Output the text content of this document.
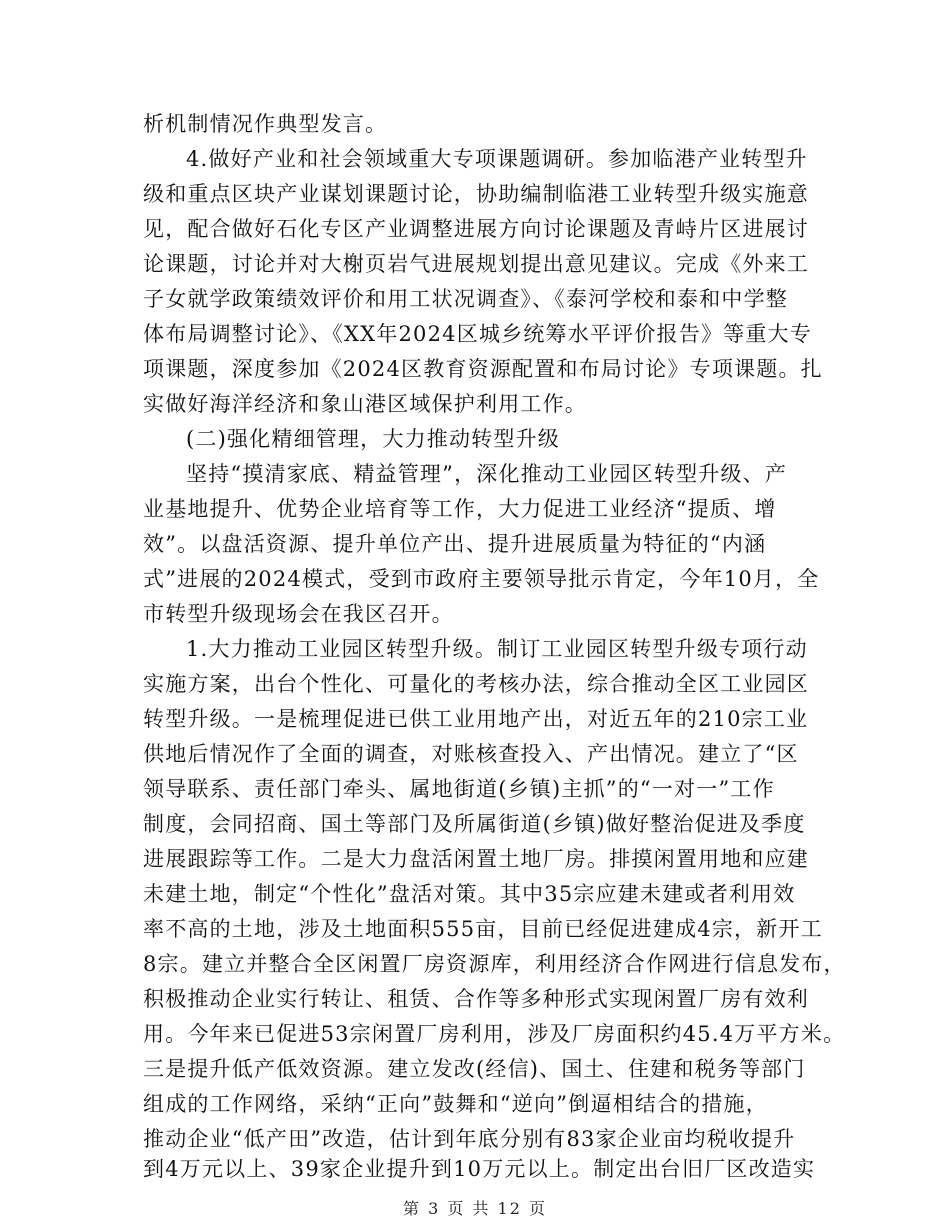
析机制情况作典型发言。
4.做好产业和社会领域重大专项课题调研。参加临港产业转型升
级和重点区块产业谋划课题讨论，协助编制临港工业转型升级实施意
见，配合做好石化专区产业调整进展方向讨论课题及青峙片区进展讨
论课题，讨论并对大榭页岩气进展规划提出意见建议。完成《外来工
子女就学政策绩效评价和用工状况调查》、《泰河学校和泰和中学整
体布局调整讨论》、《XX年2024区城乡统筹水平评价报告》等重大专
项课题，深度参加《2024区教育资源配置和布局讨论》专项课题。扎
实做好海洋经济和象山港区域保护利用工作。
(二)强化精细管理，大力推动转型升级
坚持“摸清家底、精益管理”，深化推动工业园区转型升级、产
业基地提升、优势企业培育等工作，大力促进工业经济“提质、增
效”。以盘活资源、提升单位产出、提升进展质量为特征的“内涵
式”进展的2024模式，受到市政府主要领导批示肯定，今年10月，全
市转型升级现场会在我区召开。
1.大力推动工业园区转型升级。制订工业园区转型升级专项行动
实施方案，出台个性化、可量化的考核办法，综合推动全区工业园区
转型升级。一是梳理促进已供工业用地产出，对近五年的210宗工业
供地后情况作了全面的调查，对账核查投入、产出情况。建立了“区
领导联系、责任部门牵头、属地街道(乡镇)主抓”的“一对一”工作
制度，会同招商、国土等部门及所属街道(乡镇)做好整治促进及季度
进展跟踪等工作。二是大力盘活闲置土地厂房。排摸闲置用地和应建
未建土地，制定“个性化”盘活对策。其中35宗应建未建或者利用效
率不高的土地，涉及土地面积555亩，目前已经促进建成4宗，新开工
8宗。建立并整合全区闲置厂房资源库，利用经济合作网进行信息发布，
积极推动企业实行转让、租赁、合作等多种形式实现闲置厂房有效利
用。今年来已促进53宗闲置厂房利用，涉及厂房面积约45.4万平方米。
三是提升低产低效资源。建立发改(经信)、国土、住建和税务等部门
组成的工作网络，采纳“正向”鼓舞和“逆向”倒逼相结合的措施，
推动企业“低产田”改造，估计到年底分别有83家企业亩均税收提升
第 3 页 共 12 页
到4万元以上、39家企业提升到10万元以上。制定出台旧厂区改造实
